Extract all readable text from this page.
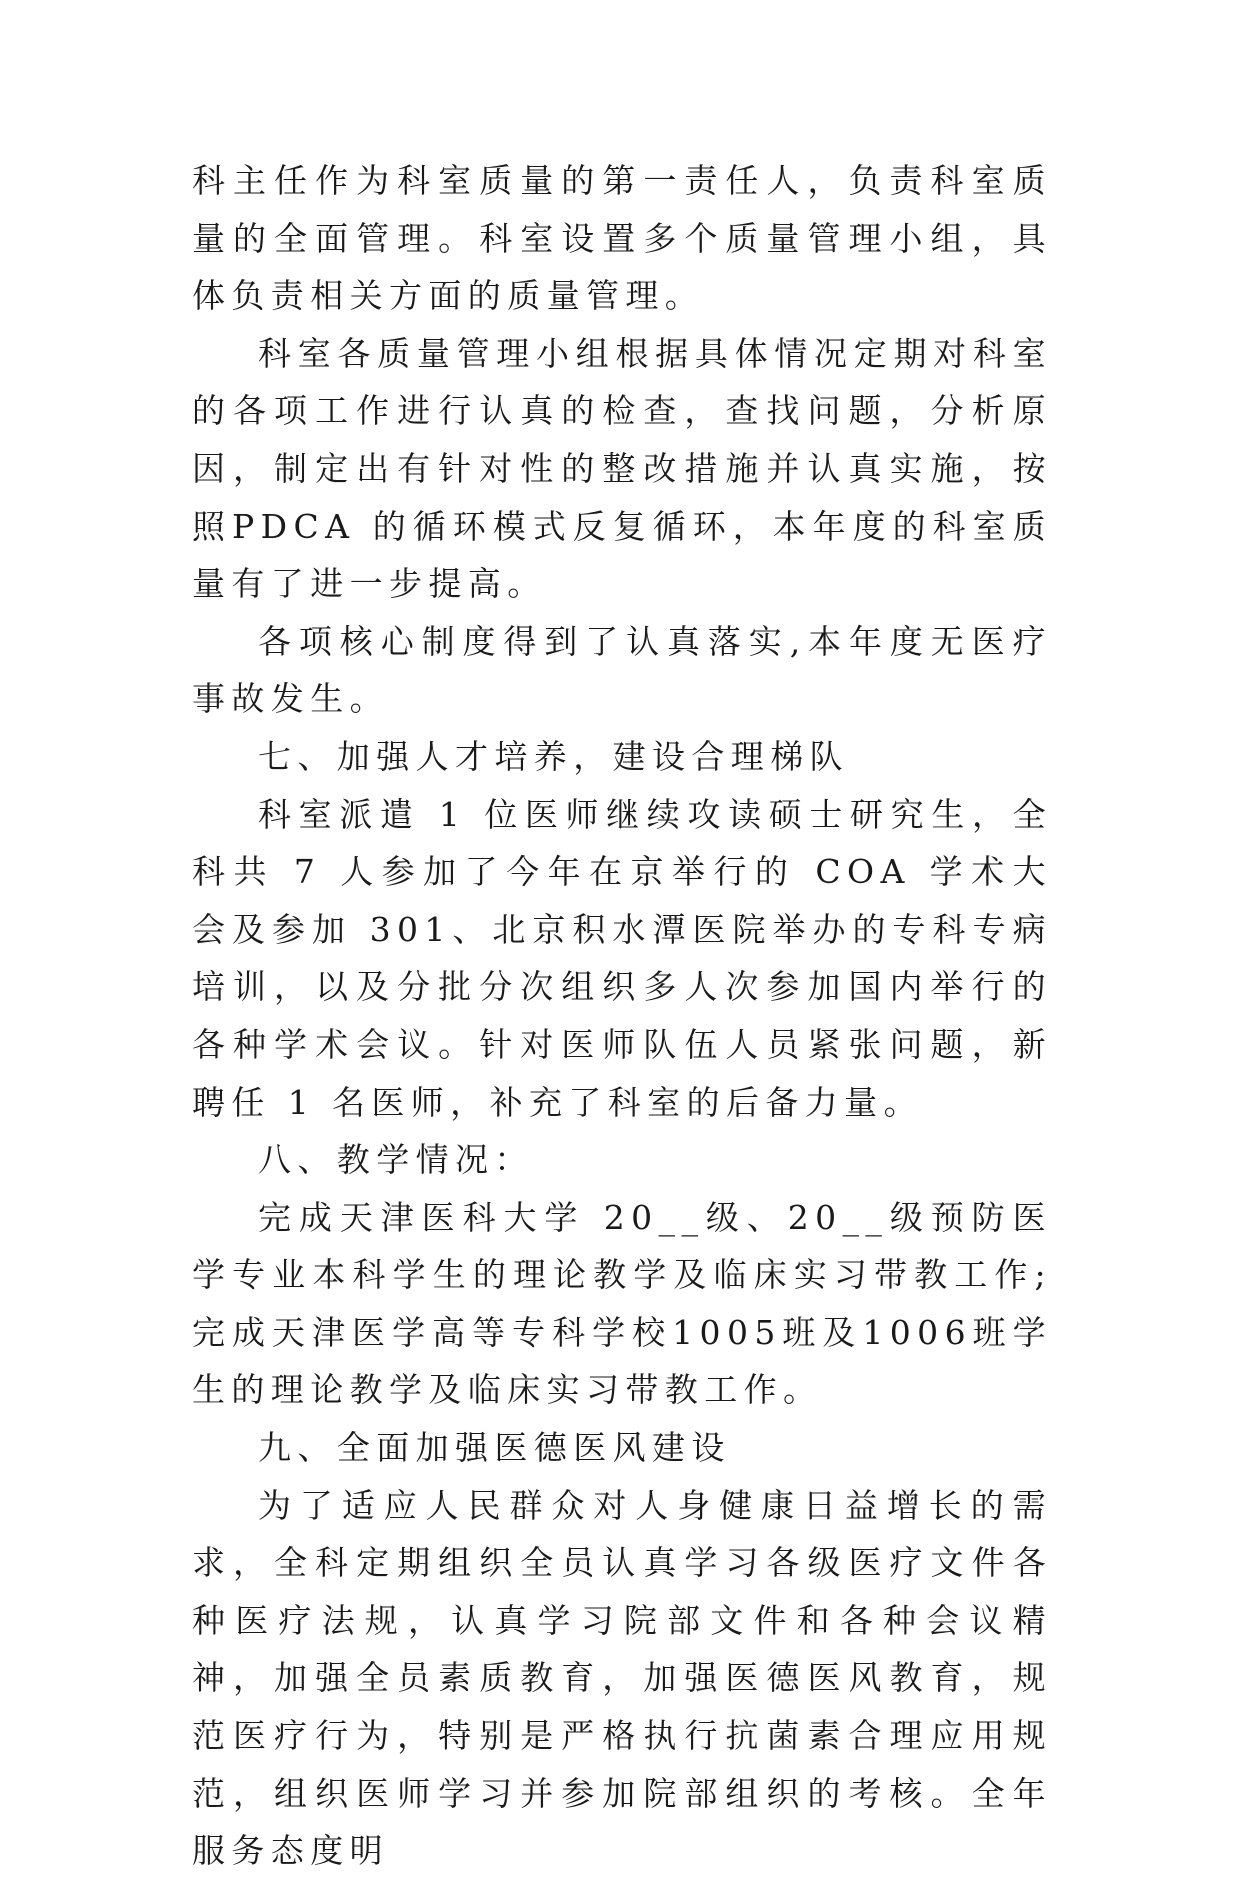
科主任作为科室质量的第一责任人，负责科室质量的全面管理。科室设置多个质量管理小组，具体负责相关方面的质量管理。

科室各质量管理小组根据具体情况定期对科室的各项工作进行认真的检查，查找问题，分析原因，制定出有针对性的整改措施并认真实施，按照PDCA 的循环模式反复循环，本年度的科室质量有了进一步提高。

各项核心制度得到了认真落实,本年度无医疗事故发生。

七、加强人才培养，建设合理梯队

科室派遣 1 位医师继续攻读硕士研究生，全科共 7 人参加了今年在京举行的 COA 学术大会及参加 301、北京积水潭医院举办的专科专病培训，以及分批分次组织多人次参加国内举行的各种学术会议。针对医师队伍人员紧张问题，新聘任 1 名医师，补充了科室的后备力量。

八、教学情况：

完成天津医科大学 20__级、20__级预防医学专业本科学生的理论教学及临床实习带教工作;完成天津医学高等专科学校1005班及1006班学生的理论教学及临床实习带教工作。

九、全面加强医德医风建设

为了适应人民群众对人身健康日益增长的需求，全科定期组织全员认真学习各级医疗文件各种医疗法规，认真学习院部文件和各种会议精神，加强全员素质教育，加强医德医风教育，规范医疗行为，特别是严格执行抗菌素合理应用规范，组织医师学习并参加院部组织的考核。全年服务态度明
